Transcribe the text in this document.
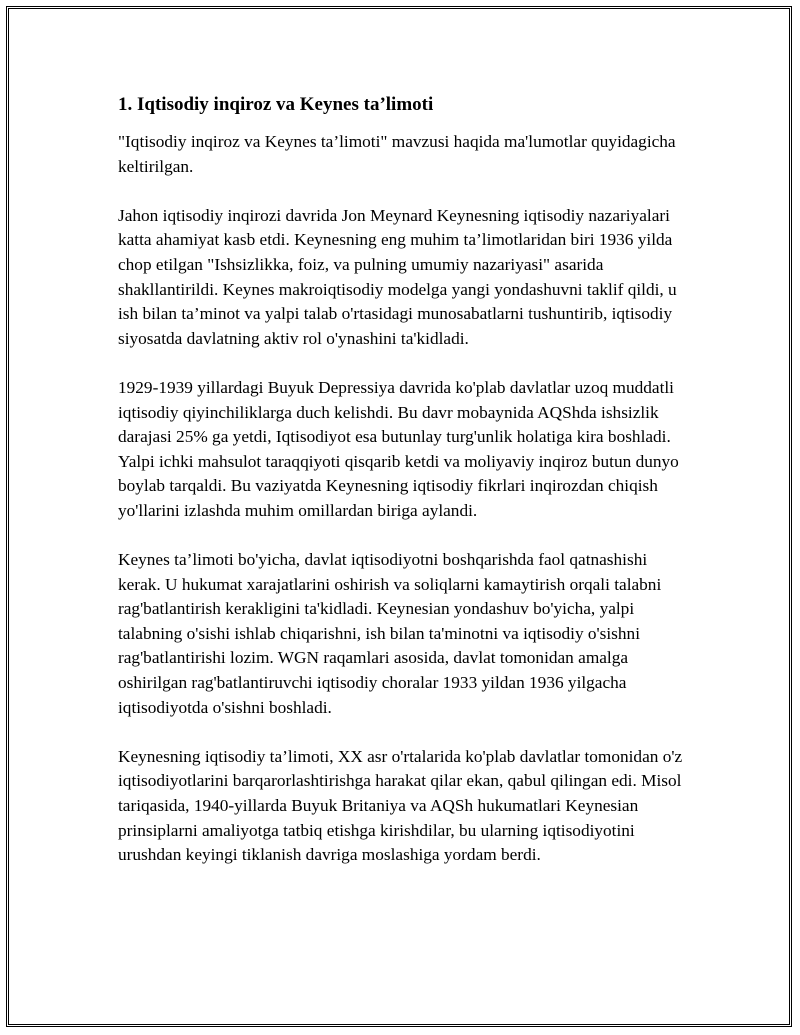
1. Iqtisodiy inqiroz va Keynes ta’limoti

"Iqtisodiy inqiroz va Keynes ta’limoti" mavzusi haqida ma'lumotlar quyidagicha keltirilgan.

Jahon iqtisodiy inqirozi davrida Jon Meynard Keynesning iqtisodiy nazariyalari katta ahamiyat kasb etdi. Keynesning eng muhim ta’limotlaridan biri 1936 yilda chop etilgan "Ishsizlikka, foiz, va pulning umumiy nazariyasi" asarida shakllantirildi. Keynes makroiqtisodiy modelga yangi yondashuvni taklif qildi, u ish bilan ta’minot va yalpi talab o'rtasidagi munosabatlarni tushuntirib, iqtisodiy siyosatda davlatning aktiv rol o'ynashini ta'kidladi.

1929-1939 yillardagi Buyuk Depressiya davrida ko'plab davlatlar uzoq muddatli iqtisodiy qiyinchiliklarga duch kelishdi. Bu davr mobaynida AQShda ishsizlik darajasi 25% ga yetdi, Iqtisodiyot esa butunlay turg'unlik holatiga kira boshladi. Yalpi ichki mahsulot taraqqiyoti qisqarib ketdi va moliyaviy inqiroz butun dunyo boylab tarqaldi. Bu vaziyatda Keynesning iqtisodiy fikrlari inqirozdan chiqish yo'llarini izlashda muhim omillardan biriga aylandi.

Keynes ta’limoti bo'yicha, davlat iqtisodiyotni boshqarishda faol qatnashishi kerak. U hukumat xarajatlarini oshirish va soliqlarni kamaytirish orqali talabni rag'batlantirish kerakligini ta'kidladi. Keynesian yondashuv bo'yicha, yalpi talabning o'sishi ishlab chiqarishni, ish bilan ta'minotni va iqtisodiy o'sishni rag'batlantirishi lozim. WGN raqamlari asosida, davlat tomonidan amalga oshirilgan rag'batlantiruvchi iqtisodiy choralar 1933 yildan 1936 yilgacha iqtisodiyotda o'sishni boshladi.

Keynesning iqtisodiy ta’limoti, XX asr o'rtalarida ko'plab davlatlar tomonidan o'z iqtisodiyotlarini barqarorlashtirishga harakat qilar ekan, qabul qilingan edi. Misol tariqasida, 1940-yillarda Buyuk Britaniya va AQSh hukumatlari Keynesian prinsiplarni amaliyotga tatbiq etishga kirishdilar, bu ularning iqtisodiyotini urushdan keyingi tiklanish davriga moslashiga yordam berdi.
